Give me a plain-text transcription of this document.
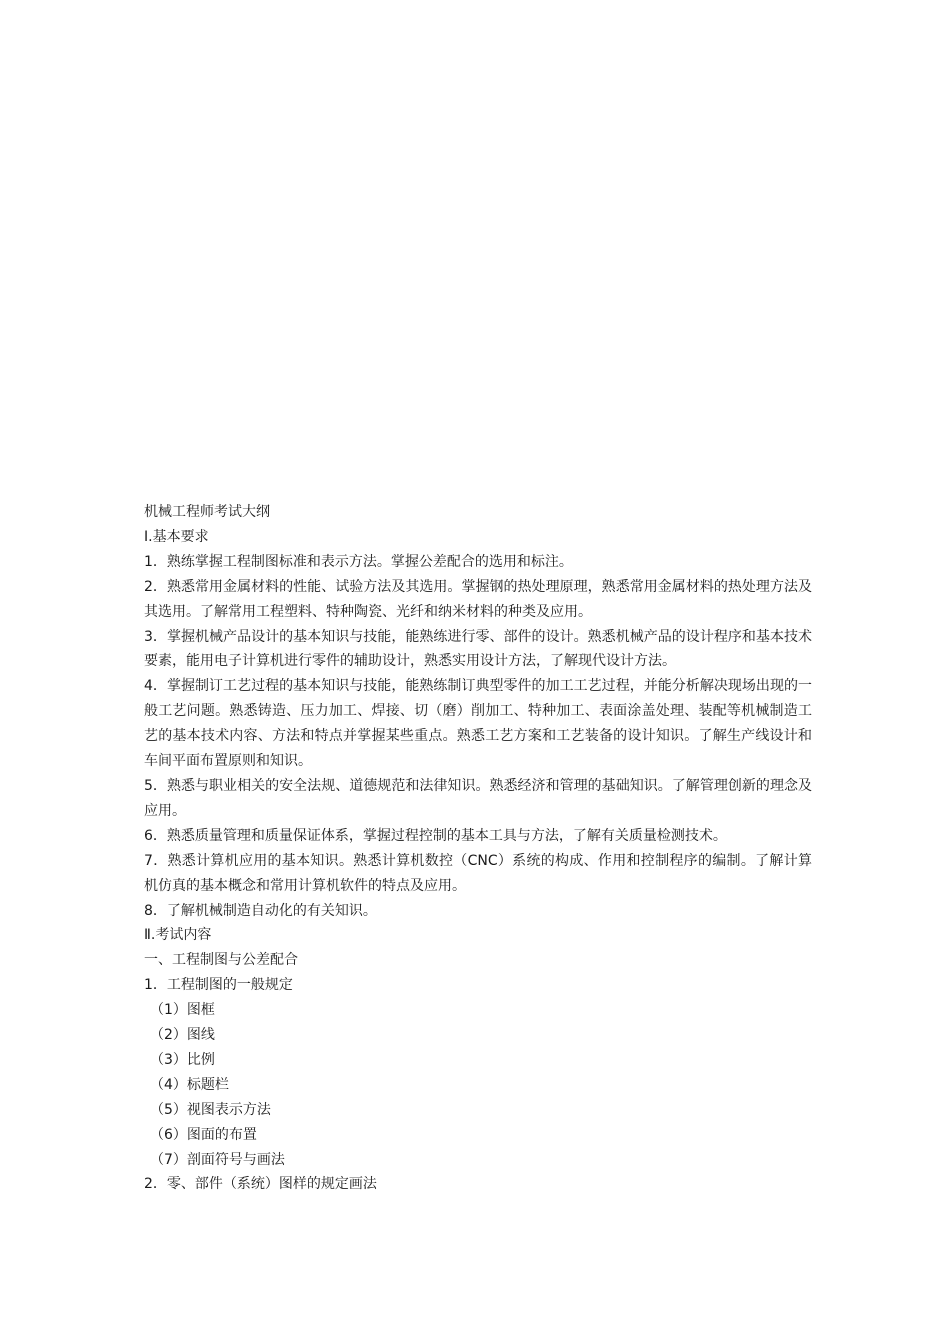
机械工程师考试大纲

Ⅰ.基本要求

1．熟练掌握工程制图标准和表示方法。掌握公差配合的选用和标注。

2．熟悉常用金属材料的性能、试验方法及其选用。掌握钢的热处理原理，熟悉常用金属材料的热处理方法及其选用。了解常用工程塑料、特种陶瓷、光纤和纳米材料的种类及应用。

3．掌握机械产品设计的基本知识与技能，能熟练进行零、部件的设计。熟悉机械产品的设计程序和基本技术要素，能用电子计算机进行零件的辅助设计，熟悉实用设计方法，了解现代设计方法。

4．掌握制订工艺过程的基本知识与技能，能熟练制订典型零件的加工工艺过程，并能分析解决现场出现的一般工艺问题。熟悉铸造、压力加工、焊接、切（磨）削加工、特种加工、表面涂盖处理、装配等机械制造工艺的基本技术内容、方法和特点并掌握某些重点。熟悉工艺方案和工艺装备的设计知识。了解生产线设计和车间平面布置原则和知识。

5．熟悉与职业相关的安全法规、道德规范和法律知识。熟悉经济和管理的基础知识。了解管理创新的理念及应用。

6．熟悉质量管理和质量保证体系，掌握过程控制的基本工具与方法，了解有关质量检测技术。

7．熟悉计算机应用的基本知识。熟悉计算机数控（CNC）系统的构成、作用和控制程序的编制。了解计算机仿真的基本概念和常用计算机软件的特点及应用。

8．了解机械制造自动化的有关知识。

Ⅱ.考试内容

一、工程制图与公差配合

1．工程制图的一般规定

（1）图框

（2）图线

（3）比例

（4）标题栏

（5）视图表示方法

（6）图面的布置

（7）剖面符号与画法

2．零、部件（系统）图样的规定画法
